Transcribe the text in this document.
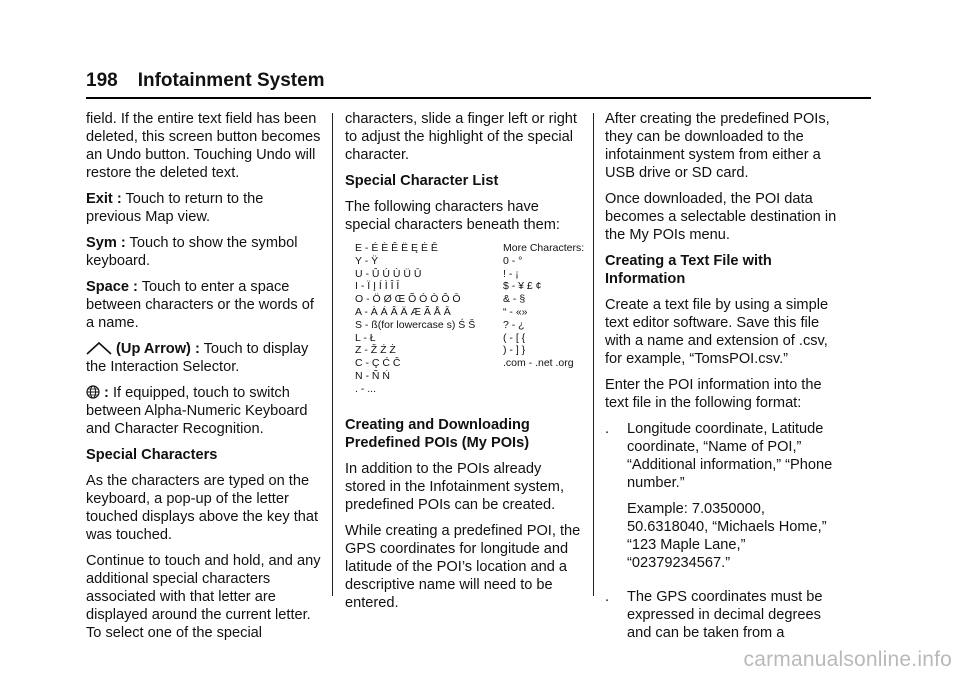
198 Infotainment System

field. If the entire text field has been deleted, this screen button becomes an Undo button. Touching Undo will restore the deleted text.

Exit : Touch to return to the previous Map view.

Sym : Touch to show the symbol keyboard.

Space : Touch to enter a space between characters or the words of a name.

(Up Arrow) : Touch to display the Interaction Selector.

: If equipped, touch to switch between Alpha-Numeric Keyboard and Character Recognition.

Special Characters

As the characters are typed on the keyboard, a pop-up of the letter touched displays above the key that was touched.

Continue to touch and hold, and any additional special characters associated with that letter are displayed around the current letter. To select one of the special

characters, slide a finger left or right to adjust the highlight of the special character.

Special Character List

The following characters have special characters beneath them:

E - É È Ê Ë Ę Ė Ē
Y - Ÿ
U - Û Ú Ù Ü Ū
I - Ï Į Í Ì Î Ī
O - Ö Ø Œ Õ Ó Ò Ô Ō
A - À Á Â Ä Æ Ã Å Ā
S - ß(for lowercase s) Ś Š
L - Ł
Z - Ž Ź Ż
C - Ç Ć Č
N - Ñ Ń
. - ...
More Characters:
0 - °
! - ¡
$ - ¥ £ ¢
& - §
“ - «»
? - ¿
( - [ {
) - ] }
.com - .net .org

Creating and Downloading Predefined POIs (My POIs)

In addition to the POIs already stored in the Infotainment system, predefined POIs can be created.

While creating a predefined POI, the GPS coordinates for longitude and latitude of the POI’s location and a descriptive name will need to be entered.

After creating the predefined POIs, they can be downloaded to the infotainment system from either a USB drive or SD card.

Once downloaded, the POI data becomes a selectable destination in the My POIs menu.

Creating a Text File with Information

Create a text file by using a simple text editor software. Save this file with a name and extension of .csv, for example, “TomsPOI.csv.”

Enter the POI information into the text file in the following format:

.	Longitude coordinate, Latitude coordinate, “Name of POI,” “Additional information,” “Phone number.”

Example: 7.0350000, 50.6318040, “Michaels Home,” “123 Maple Lane,” “02379234567.”

.	The GPS coordinates must be expressed in decimal degrees and can be taken from a

carmanualsonline.info
